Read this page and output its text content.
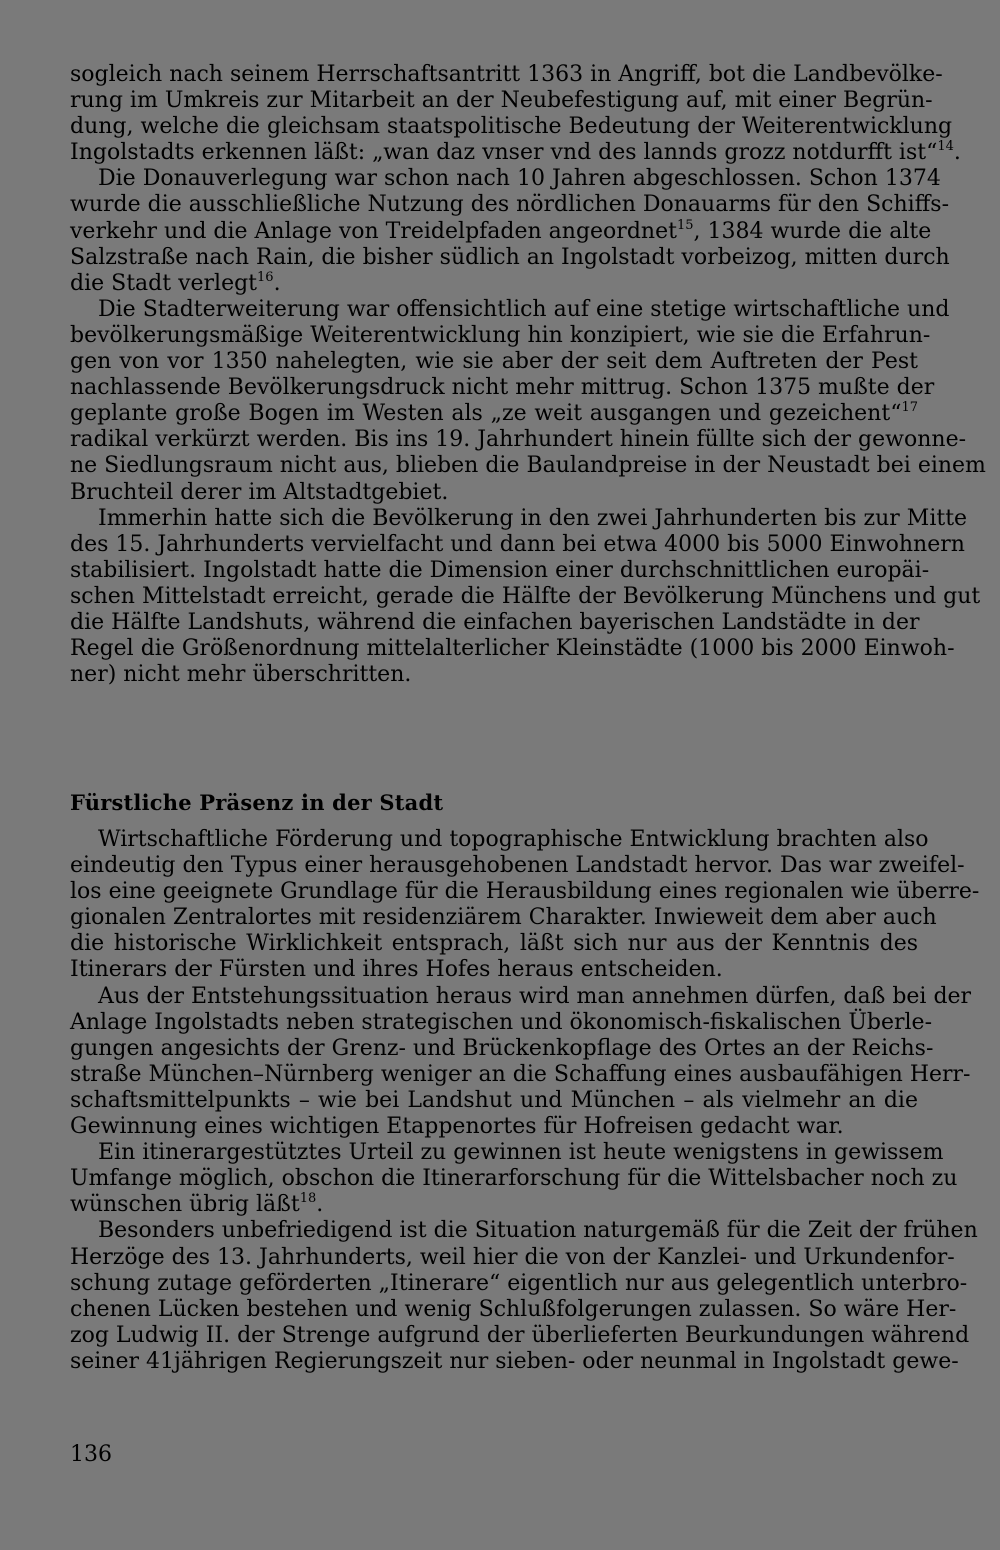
sogleich nach seinem Herrschaftsantritt 1363 in Angriff, bot die Landbevölke-
rung im Umkreis zur Mitarbeit an der Neubefestigung auf, mit einer Begrün-
dung, welche die gleichsam staatspolitische Bedeutung der Weiterentwicklung
Ingolstadts erkennen läßt: „wan daz vnser vnd des lannds grozz notdurfft ist“$^{14}$.

Die Donauverlegung war schon nach 10 Jahren abgeschlossen. Schon 1374
wurde die ausschließliche Nutzung des nördlichen Donauarms für den Schiffs-
verkehr und die Anlage von Treidelpfaden angeordnet$^{15}$, 1384 wurde die alte
Salzstraße nach Rain, die bisher südlich an Ingolstadt vorbeizog, mitten durch
die Stadt verlegt$^{16}$.

Die Stadterweiterung war offensichtlich auf eine stetige wirtschaftliche und
bevölkerungsmäßige Weiterentwicklung hin konzipiert, wie sie die Erfahrun-
gen von vor 1350 nahelegten, wie sie aber der seit dem Auftreten der Pest
nachlassende Bevölkerungsdruck nicht mehr mittrug. Schon 1375 mußte der
geplante große Bogen im Westen als „ze weit ausgangen und gezeichent“$^{17}$
radikal verkürzt werden. Bis ins 19. Jahrhundert hinein füllte sich der gewonne-
ne Siedlungsraum nicht aus, blieben die Baulandpreise in der Neustadt bei einem
Bruchteil derer im Altstadtgebiet.

Immerhin hatte sich die Bevölkerung in den zwei Jahrhunderten bis zur Mitte
des 15. Jahrhunderts vervielfacht und dann bei etwa 4000 bis 5000 Einwohnern
stabilisiert. Ingolstadt hatte die Dimension einer durchschnittlichen europäi-
schen Mittelstadt erreicht, gerade die Hälfte der Bevölkerung Münchens und gut
die Hälfte Landshuts, während die einfachen bayerischen Landstädte in der
Regel die Größenordnung mittelalterlicher Kleinstädte (1000 bis 2000 Einwoh-
ner) nicht mehr überschritten.

Fürstliche Präsenz in der Stadt

Wirtschaftliche Förderung und topographische Entwicklung brachten also
eindeutig den Typus einer herausgehobenen Landstadt hervor. Das war zweifel-
los eine geeignete Grundlage für die Herausbildung eines regionalen wie überre-
gionalen Zentralortes mit residenziärem Charakter. Inwieweit dem aber auch
die historische Wirklichkeit entsprach, läßt sich nur aus der Kenntnis des
Itinerars der Fürsten und ihres Hofes heraus entscheiden.

Aus der Entstehungssituation heraus wird man annehmen dürfen, daß bei der
Anlage Ingolstadts neben strategischen und ökonomisch-fiskalischen Überle-
gungen angesichts der Grenz- und Brückenkopflage des Ortes an der Reichs-
straße München–Nürnberg weniger an die Schaffung eines ausbaufähigen Herr-
schaftsmittelpunkts – wie bei Landshut und München – als vielmehr an die
Gewinnung eines wichtigen Etappenortes für Hofreisen gedacht war.

Ein itinerargestütztes Urteil zu gewinnen ist heute wenigstens in gewissem
Umfange möglich, obschon die Itinerarforschung für die Wittelsbacher noch zu
wünschen übrig läßt$^{18}$.

Besonders unbefriedigend ist die Situation naturgemäß für die Zeit der frühen
Herzöge des 13. Jahrhunderts, weil hier die von der Kanzlei- und Urkundenfor-
schung zutage geförderten „Itinerare“ eigentlich nur aus gelegentlich unterbro-
chenen Lücken bestehen und wenig Schlußfolgerungen zulassen. So wäre Her-
zog Ludwig II. der Strenge aufgrund der überlieferten Beurkundungen während
seiner 41jährigen Regierungszeit nur sieben- oder neunmal in Ingolstadt gewe-

136
